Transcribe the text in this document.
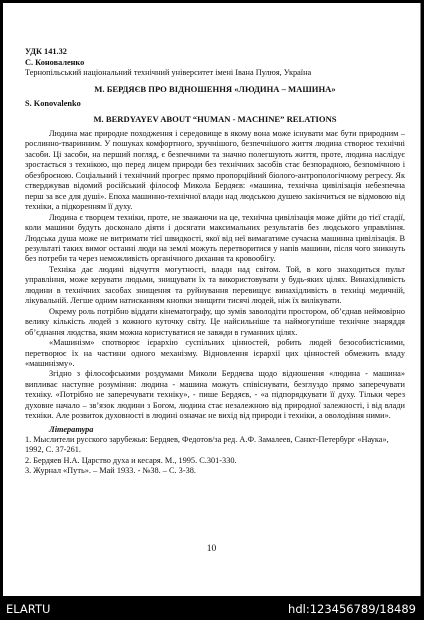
УДК 141.32
С. Коноваленко
Тернопільський національний технічний університет імені Івана Пулюя, Україна
М. БЕРДЯЄВ ПРО ВІДНОШЕННЯ «ЛЮДИНА – МАШИНА»
S. Konovalenko
M. BERDYAYEV ABOUT “HUMAN - MACHINE” RELATIONS

Людина має природне походження і середовище в якому вона може існувати має бути природним – рослинно-тваринним. У пошуках комфортного, зручнішого, безпечнішого життя людина створює технічні засоби. Ці засоби, на перший погляд, є безпечними та значно полегшують життя, проте, людина наслідує зростається з технікою, що перед лицем природи без технічних засобів стає безпорадною, безпомічною і обезброєною. Соціальний і технічний прогрес прямо пропорційний біолого-антропологічному регресу. Як стверджував відомий російський філософ Микола Бердяєв: «машина, технічна цивілізація небезпечна перш за все для душі». Епоха машинно-технічної влади над людською душею закінчиться не відмовою від техніки, а підкоренням її духу.

Людина є творцем техніки, проте, не зважаючи на це, технічна цивілізація може дійти до тієї стадії, коли машини будуть досконало діяти і досягати максимальних результатів без людського управління. Людська душа може не витримати тієї швидкості, якої від неї вимагатиме сучасна машинна цивілізація. В результаті таких вимог останні люди на землі можуть перетворитися у напів машини, після чого зникнуть без потреби та через неможливість органічного дихання та кровообігу.

Техніка дає людині відчуття могутності, влади над світом. Той, в кого знаходиться пульт управління, може керувати людьми, знищувати їх та використовувати у будь-яких цілях. Винахідливість людини в технічних засобах знищення та руйнування перевищує винахідливість в техніці медичній, лікувальній. Легше одним натисканням кнопки знищити тисячі людей, ніж їх вилікувати.

Окрему роль потрібно віддати кінематографу, що зумів заволодіти простором, об’єднав неймовірно велику кількість людей з кожного куточку світу. Це найсильніше та наймогутніше технічне знаряддя об’єднання людства, яким можна користуватися не завжди в гуманних цілях.

«Машинізм» спотворює ієрархію суспільних цінностей, робить людей безособистісними, перетворює їх на частини одного механізму. Відновлення ієрархії цих цінностей обмежить владу «машинізму».

Згідно з філософськими роздумами Миколи Бердяєва щодо відношення «людина - машина» випливає наступне розуміння: людина - машина можуть співіснувати, безглуздо прямо заперечувати техніку. «Потрібно не заперечувати техніку», - пише Бердяєв, - «а підпорядкувати її духу. Тільки через духовне начало – зв’язок людини з Богом, людина стає незалежною від природної залежності, і від влади техніки. Але розвиток духовності в людині означає не вихід від природи і техніки, а оволодіння ними».

Література

1. Мыслители русского зарубежья: Бердяев, Федотов/за ред. А.Ф. Замалеев, Санкт-Петербург «Наука», 1992, С. 37-261.

2. Бердяев Н.А. Царство духа и кесаря. М., 1995. С.301-330.

3. Журнал «Путь». – Май 1933. - №38. – С. 3-38.

10
ELARTU	hdl:123456789/18489
